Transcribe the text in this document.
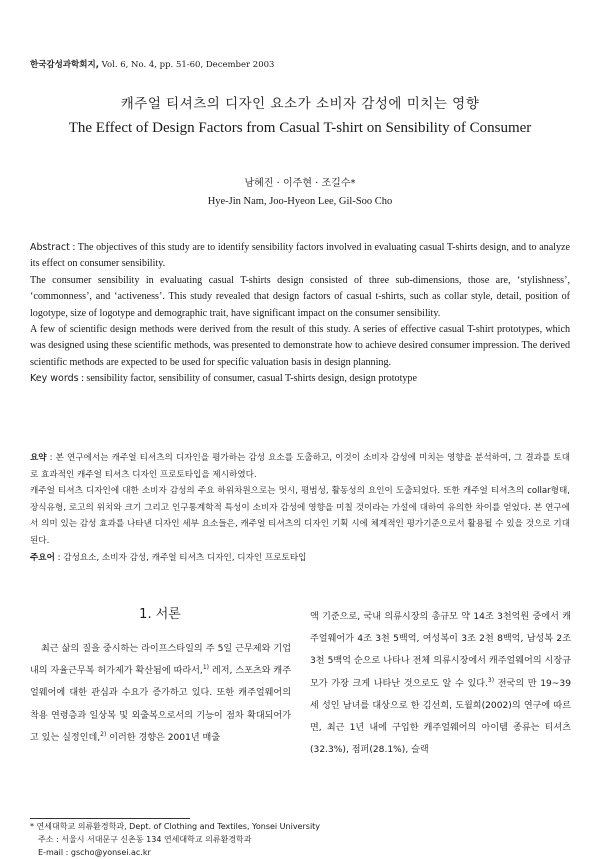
한국감성과학회지, Vol. 6, No. 4, pp. 51-60, December 2003
캐주얼 티셔츠의 디자인 요소가 소비자 감성에 미치는 영향
The Effect of Design Factors from Casual T-shirt on Sensibility of Consumer
남혜진 · 이주현 · 조길수*
Hye-Jin Nam, Joo-Hyeon Lee, Gil-Soo Cho

Abstract : The objectives of this study are to identify sensibility factors involved in evaluating casual T-shirts design, and to analyze its effect on consumer sensibility.

The consumer sensibility in evaluating casual T-shirts design consisted of three sub-dimensions, those are, ‘stylishness’, ‘commonness’, and ‘activeness’. This study revealed that design factors of casual t-shirts, such as collar style, detail, position of logotype, size of logotype and demographic trait, have significant impact on the consumer sensibility.

A few of scientific design methods were derived from the result of this study. A series of effective casual T-shirt prototypes, which was designed using these scientific methods, was presented to demonstrate how to achieve desired consumer impression. The derived scientific methods are expected to be used for specific valuation basis in design planning.

Key words : sensibility factor, sensibility of consumer, casual T-shirts design, design prototype

요약 : 본 연구에서는 캐주얼 티셔츠의 디자인을 평가하는 감성 요소를 도출하고, 이것이 소비자 감성에 미치는 영향을 분석하여, 그 결과를 토대로 효과적인 캐주얼 티셔츠 디자인 프로토타입을 제시하였다.

캐주얼 티셔츠 디자인에 대한 소비자 감성의 주요 하위차원으로는 멋시, 평범성, 활동성의 요인이 도출되었다. 또한 캐주얼 티셔츠의 collar형태, 장식유형, 로고의 위치와 크기 그리고 인구통계학적 특성이 소비자 감성에 영향을 미칠 것이라는 가설에 대하여 유의한 차이를 얻었다. 본 연구에서 의미 있는 감성 효과를 나타낸 디자인 세부 요소들은, 캐주얼 티셔츠의 디자인 기획 시에 체계적인 평가기준으로서 활용될 수 있을 것으로 기대된다.

주요어 : 감성요소, 소비자 감성, 캐주얼 티셔츠 디자인, 디자인 프로토타입

1. 서론

최근 삶의 질을 중시하는 라이프스타일의 주 5일 근무제와 기업 내의 자율근무복 허가제가 확산됨에 따라서,$^{1)}$ 레저, 스포츠와 캐주얼웨어에 대한 관심과 수요가 증가하고 있다. 또한 캐주얼웨어의 착용 연령층과 일상복 및 외출복으로서의 기능이 점차 확대되어가고 있는 실정인데,$^{2)}$ 이러한 경향은 2001년 매출

액 기준으로, 국내 의류시장의 총규모 약 14조 3천억원 중에서 캐주얼웨어가 4조 3천 5백억, 여성복이 3조 2천 8백억, 남성복 2조 3천 5백억 순으로 나타나 전체 의류시장에서 캐주얼웨어의 시장규모가 가장 크게 나타난 것으로도 알 수 있다.$^{3)}$ 전국의 만 19~39세 성인 남녀를 대상으로 한 김선희, 도윌희(2002)의 연구에 따르면, 최근 1년 내에 구입한 캐주얼웨어의 아이템 종류는 티셔츠(32.3%), 점퍼(28.1%), 슬랙

* 연세대학교 의류환경학과, Dept. of Clothing and Textiles, Yonsei University

주소 : 서울시 서대문구 신촌동 134 연세대학교 의류환경학과

E-mail : gscho@yonsei.ac.kr
